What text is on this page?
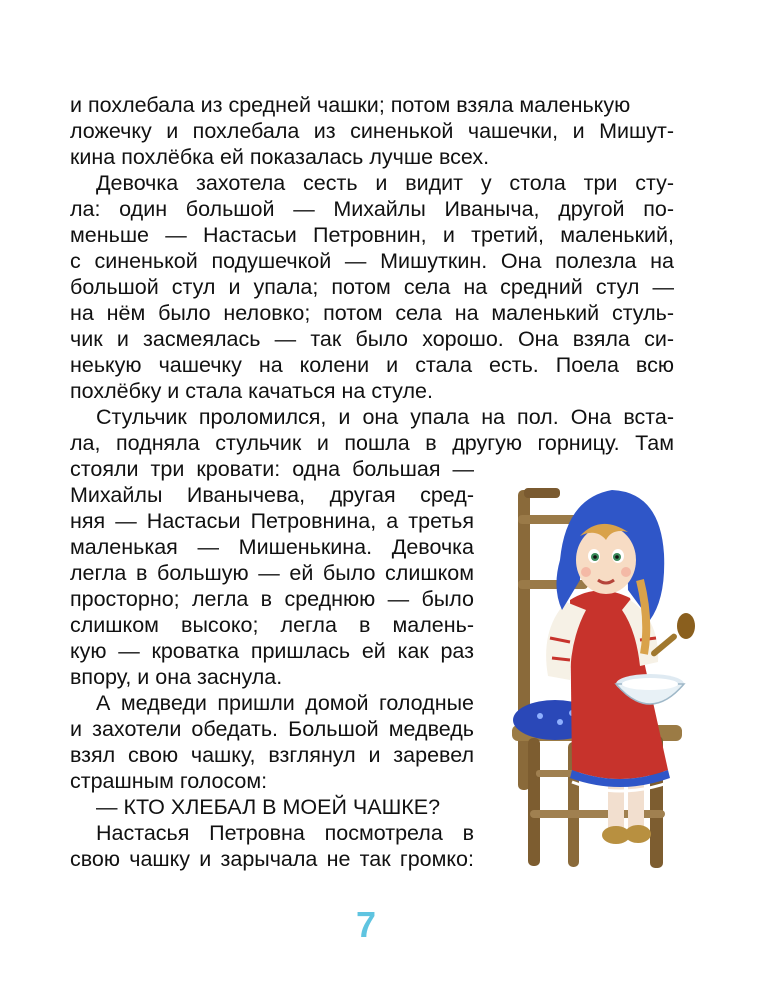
и похлебала из средней чашки; потом взяла маленькую
ложечку и похлебала из синенькой чашечки, и Мишут-
кина похлёбка ей показалась лучше всех.
Девочка захотела сесть и видит у стола три сту-
ла: один большой — Михайлы Иваныча, другой по-
меньше — Настасьи Петровнин, и третий, маленький,
с синенькой подушечкой — Мишуткин. Она полезла на
большой стул и упала; потом села на средний стул —
на нём было неловко; потом села на маленький стуль-
чик и засмеялась — так было хорошо. Она взяла си-
неькую чашечку на колени и стала есть. Поела всю
похлёбку и стала качаться на стуле.
Стульчик проломился, и она упала на пол. Она вста-
ла, подняла стульчик и пошла в другую горницу. Там
стояли три кровати: одна большая —
Михайлы Иванычева, другая сред-
няя — Настасьи Петровнина, а третья
маленькая — Мишенькина. Девочка
легла в большую — ей было слишком
просторно; легла в среднюю — было
слишком высоко; легла в малень-
кую — кроватка пришлась ей как раз
впору, и она заснула.
А медведи пришли домой голодные
и захотели обедать. Большой медведь
взял свою чашку, взглянул и заревел
страшным голосом:
— КТО ХЛЕБАЛ В МОЕЙ ЧАШКЕ?
Настасья Петровна посмотрела в
свою чашку и зарычала не так громко:
7
